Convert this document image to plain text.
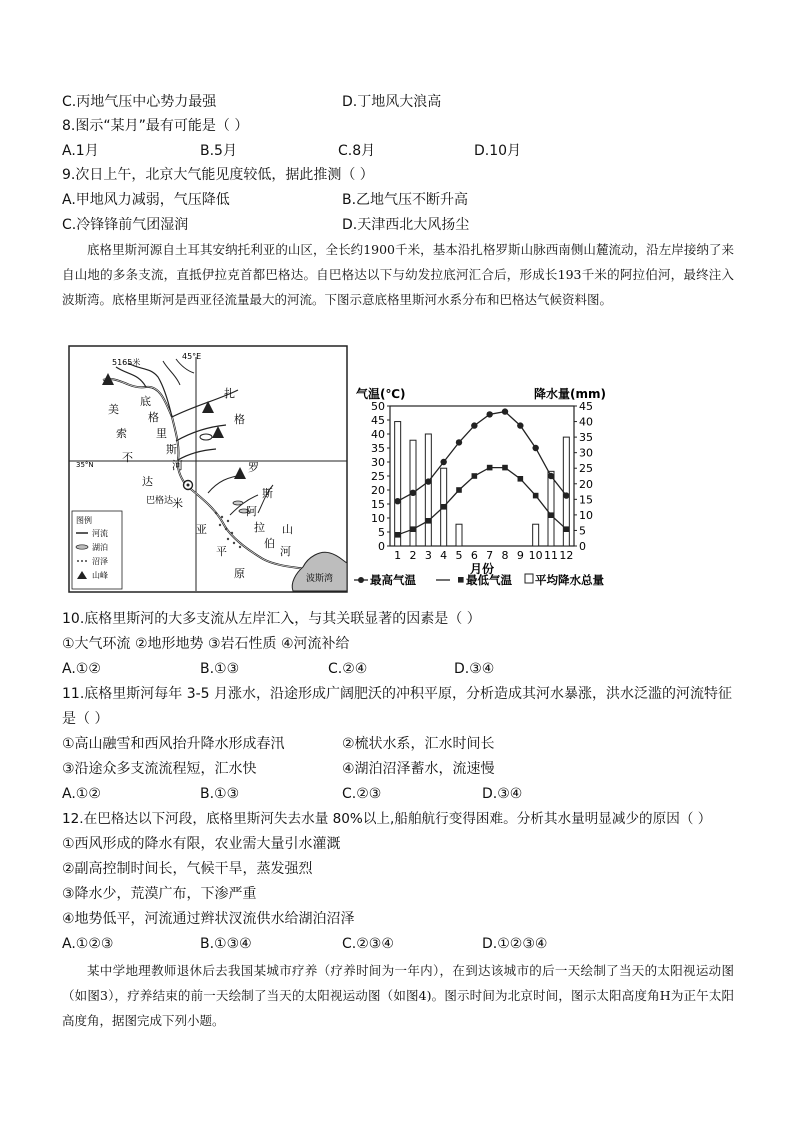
C.丙地气压中心势力最强	D.丁地风大浪高
8.图示“某月”最有可能是（ ）
A.1月	B.5月	C.8月	D.10月
9.次日上午，北京大气能见度较低，据此推测（ ）
A.甲地风力减弱，气压降低	B.乙地气压不断升高
C.冷锋锋前气团湿润	D.天津西北大风扬尘

底格里斯河源自土耳其安纳托利亚的山区，全长约1900千米，基本沿扎格罗斯山脉西南侧山麓流动，沿左岸接纳了来自山地的多条支流，直抵伊拉克首都巴格达。自巴格达以下与幼发拉底河汇合后，形成长193千米的阿拉伯河，最终注入波斯湾。底格里斯河是西亚径流量最大的河流。下图示意底格里斯河水系分布和巴格达气候资料图。

5165米
45°E
35°N
底
格
里
斯
河
美
索
不
达
米
亚
平
原
扎
格
罗
斯
山
阿
拉
伯
河
巴格达
波斯湾
图例
河流
湖泊
沼泽
山峰
气温(℃)	降水量(mm)
0
5
10
15
20
25
30
35
40
45
50
0
5
10
15
20
25
30
35
40
45
1 2 3 4 5 6 7 8 9 10 11 12
月份
最高气温	最低气温 平均降水总量
10.底格里斯河的大多支流从左岸汇入，与其关联显著的因素是（ ）
①大气环流 ②地形地势 ③岩石性质 ④河流补给
A.①②	B.①③	C.②④	D.③④
11.底格里斯河每年 3-5 月涨水，沿途形成广阔肥沃的冲积平原，分析造成其河水暴涨，洪水泛滥的河流特征
是（ ）
①高山融雪和西风抬升降水形成春汛	②梳状水系，汇水时间长
③沿途众多支流流程短，汇水快	④湖泊沼泽蓄水，流速慢
A.①②	B.①③	C.②③	D.③④
12.在巴格达以下河段，底格里斯河失去水量 80%以上,船舶航行变得困难。分析其水量明显减少的原因（ ）
①西风形成的降水有限，农业需大量引水灌溉
②副高控制时间长，气候干旱，蒸发强烈
③降水少，荒漠广布，下渗严重
④地势低平，河流通过辫状汊流供水给湖泊沼泽
A.①②③	B.①③④	C.②③④	D.①②③④

某中学地理教师退休后去我国某城市疗养（疗养时间为一年内），在到达该城市的后一天绘制了当天的太阳视运动图（如图3），疗养结束的前一天绘制了当天的太阳视运动图（如图4)。图示时间为北京时间，图示太阳高度角H为正午太阳高度角，据图完成下列小题。
